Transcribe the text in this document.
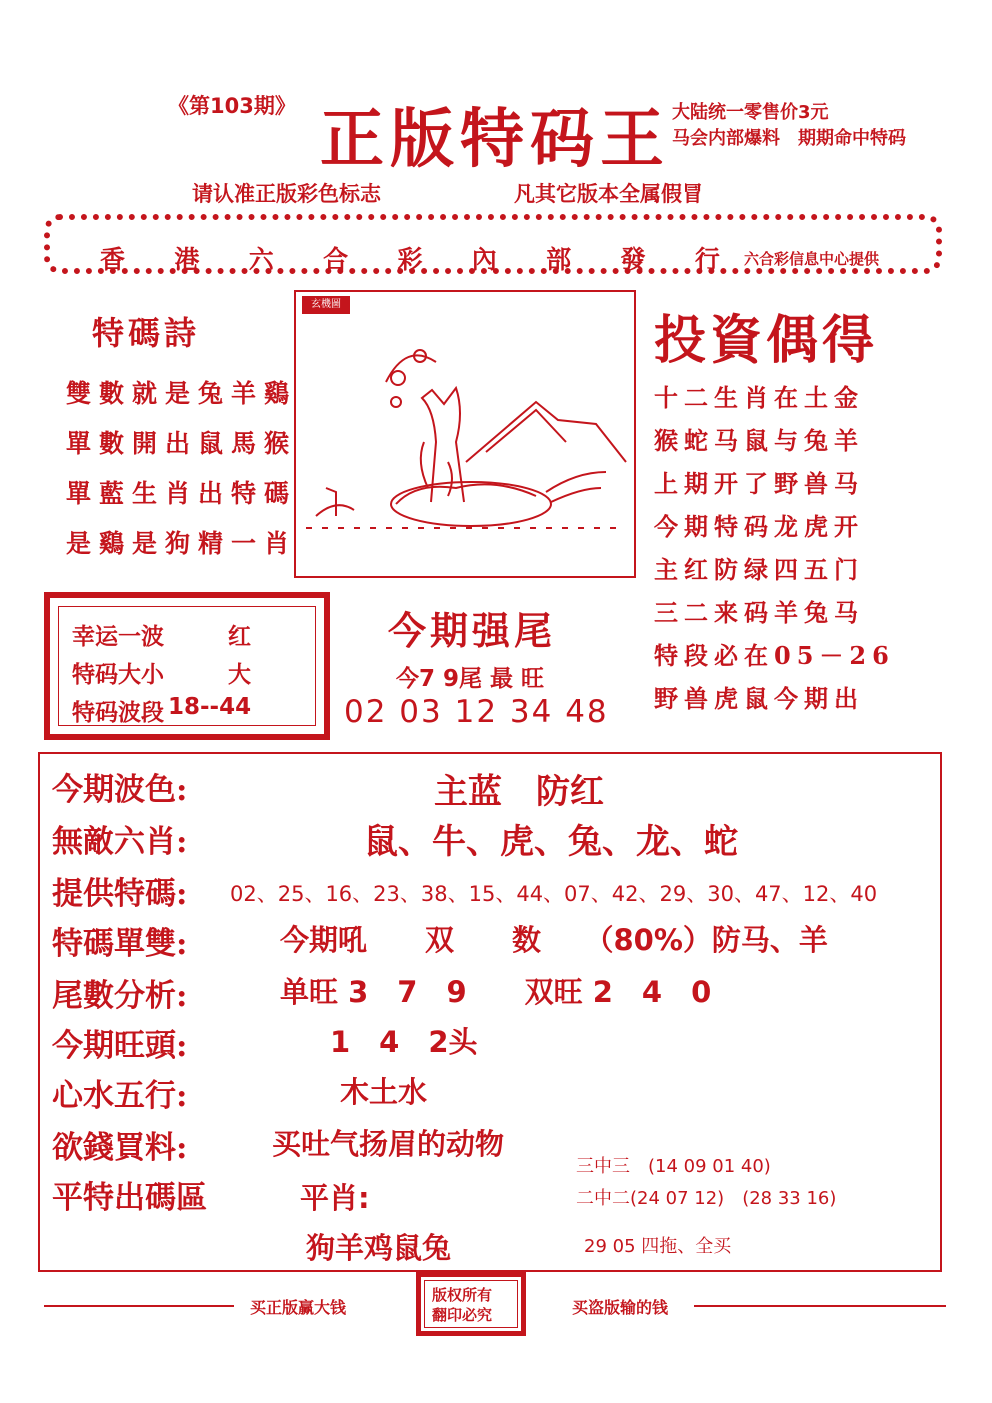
《第103期》 正版特码王 大陆统一零售价3元
马会内部爆料　期期命中特码
请认准正版彩色标志	凡其它版本全属假冒
香 港 六 合 彩 內 部 發 行 六合彩信息中心提供
特碼詩
雙數就是兔羊鷄
單數開出鼠馬猴
單藍生肖出特碼
是鷄是狗精一肖
玄機圖
投資偶得
十二生肖在土金
猴蛇马鼠与兔羊
上期开了野兽马
今期特码龙虎开
主红防绿四五门
三二来码羊兔马
特段必在05－26
野兽虎鼠今期出
幸运一波	红
特码大小	大
特码波段 18--44
今期强尾
今7 9尾 最 旺
02 03 12 34 48
今期波色:	主蓝　防红
無敵六肖:	鼠、牛、虎、兔、龙、蛇
提供特碼: 02、25、16、23、38、15、44、07、42、29、30、47、12、40
特碼單雙:	今期吼　　双　　数　　（80%）防马、羊
尾數分析:	单旺 3　7　9　　双旺 2　4　0
今期旺頭:	1　4　2头
心水五行:	木土水
欲錢買料:	买吐气扬眉的动物
平特出碼區	平肖:
狗羊鸡鼠兔
三中三　(14 09 01 40)
二中二(24 07 12)　(28 33 16)
29 05 四拖、全买
买正版赢大钱	买盗版输的钱
版权所有
翻印必究
